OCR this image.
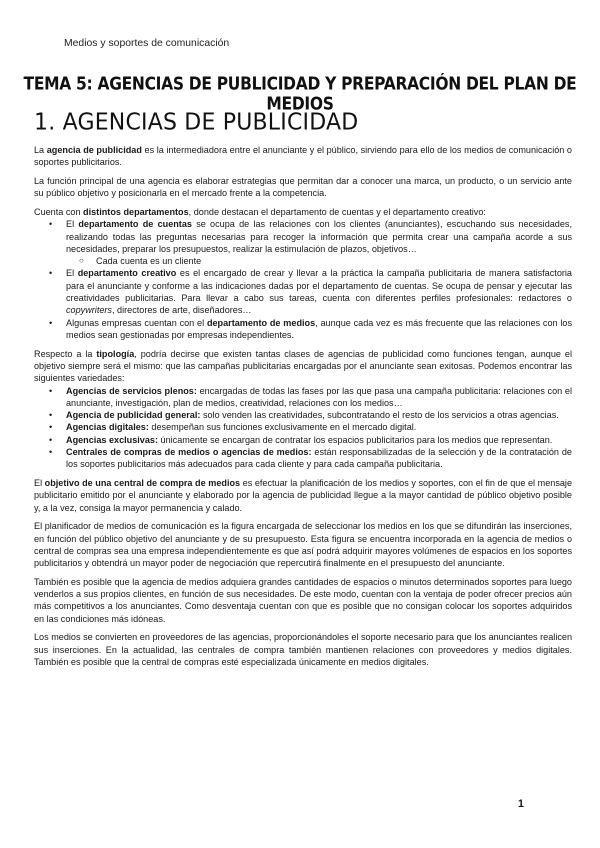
Medios y soportes de comunicación
TEMA 5: AGENCIAS DE PUBLICIDAD Y PREPARACIÓN DEL PLAN DE MEDIOS
1. AGENCIAS DE PUBLICIDAD

La agencia de publicidad es la intermediadora entre el anunciante y el público, sirviendo para ello de los medios de comunicación o soportes publicitarios.

La función principal de una agencia es elaborar estrategias que permitan dar a conocer una marca, un producto, o un servicio ante su público objetivo y posicionarla en el mercado frente a la competencia.

Cuenta con distintos departamentos, donde destacan el departamento de cuentas y el departamento creativo:

• El departamento de cuentas se ocupa de las relaciones con los clientes (anunciantes), escuchando sus necesidades, realizando todas las preguntas necesarias para recoger la información que permita crear una campaña acorde a sus necesidades, preparar los presupuestos, realizar la estimulación de plazos, objetivos…
○ Cada cuenta es un cliente
• El departamento creativo es el encargado de crear y llevar a la práctica la campaña publicitaria de manera satisfactoria para el anunciante y conforme a las indicaciones dadas por el departamento de cuentas. Se ocupa de pensar y ejecutar las creatividades publicitarias. Para llevar a cabo sus tareas, cuenta con diferentes perfiles profesionales: redactores o copywriters, directores de arte, diseñadores…
• Algunas empresas cuentan con el departamento de medios, aunque cada vez es más frecuente que las relaciones con los medios sean gestionadas por empresas independientes.

Respecto a la tipología, podría decirse que existen tantas clases de agencias de publicidad como funciones tengan, aunque el objetivo siempre será el mismo: que las campañas publicitarias encargadas por el anunciante sean exitosas. Podemos encontrar las siguientes variedades:

• Agencias de servicios plenos: encargadas de todas las fases por las que pasa una campaña publicitaria: relaciones con el anunciante, investigación, plan de medios, creatividad, relaciones con los medios…
• Agencia de publicidad general: solo venden las creatividades, subcontratando el resto de los servicios a otras agencias.
• Agencias digitales: desempeñan sus funciones exclusivamente en el mercado digital.
• Agencias exclusivas: únicamente se encargan de contratar los espacios publicitarios para los medios que representan.
• Centrales de compras de medios o agencias de medios: están responsabilizadas de la selección y de la contratación de los soportes publicitarios más adecuados para cada cliente y para cada campaña publicitaria.

El objetivo de una central de compra de medios es efectuar la planificación de los medios y soportes, con el fin de que el mensaje publicitario emitido por el anunciante y elaborado por la agencia de publicidad llegue a la mayor cantidad de público objetivo posible y, a la vez, consiga la mayor permanencia y calado.

El planificador de medios de comunicación es la figura encargada de seleccionar los medios en los que se difundirán las inserciones, en función del público objetivo del anunciante y de su presupuesto. Esta figura se encuentra incorporada en la agencia de medios o central de compras sea una empresa independientemente es que así podrá adquirir mayores volúmenes de espacios en los soportes publicitarios y obtendrá un mayor poder de negociación que repercutirá finalmente en el presupuesto del anunciante.

También es posible que la agencia de medios adquiera grandes cantidades de espacios o minutos determinados soportes para luego venderlos a sus propios clientes, en función de sus necesidades. De este modo, cuentan con la ventaja de poder ofrecer precios aún más competitivos a los anunciantes. Como desventaja cuentan con que es posible que no consigan colocar los soportes adquiridos en las condiciones más idóneas.

Los medios se convierten en proveedores de las agencias, proporcionándoles el soporte necesario para que los anunciantes realicen sus inserciones. En la actualidad, las centrales de compra también mantienen relaciones con proveedores y medios digitales. También es posible que la central de compras esté especializada únicamente en medios digitales.

1
